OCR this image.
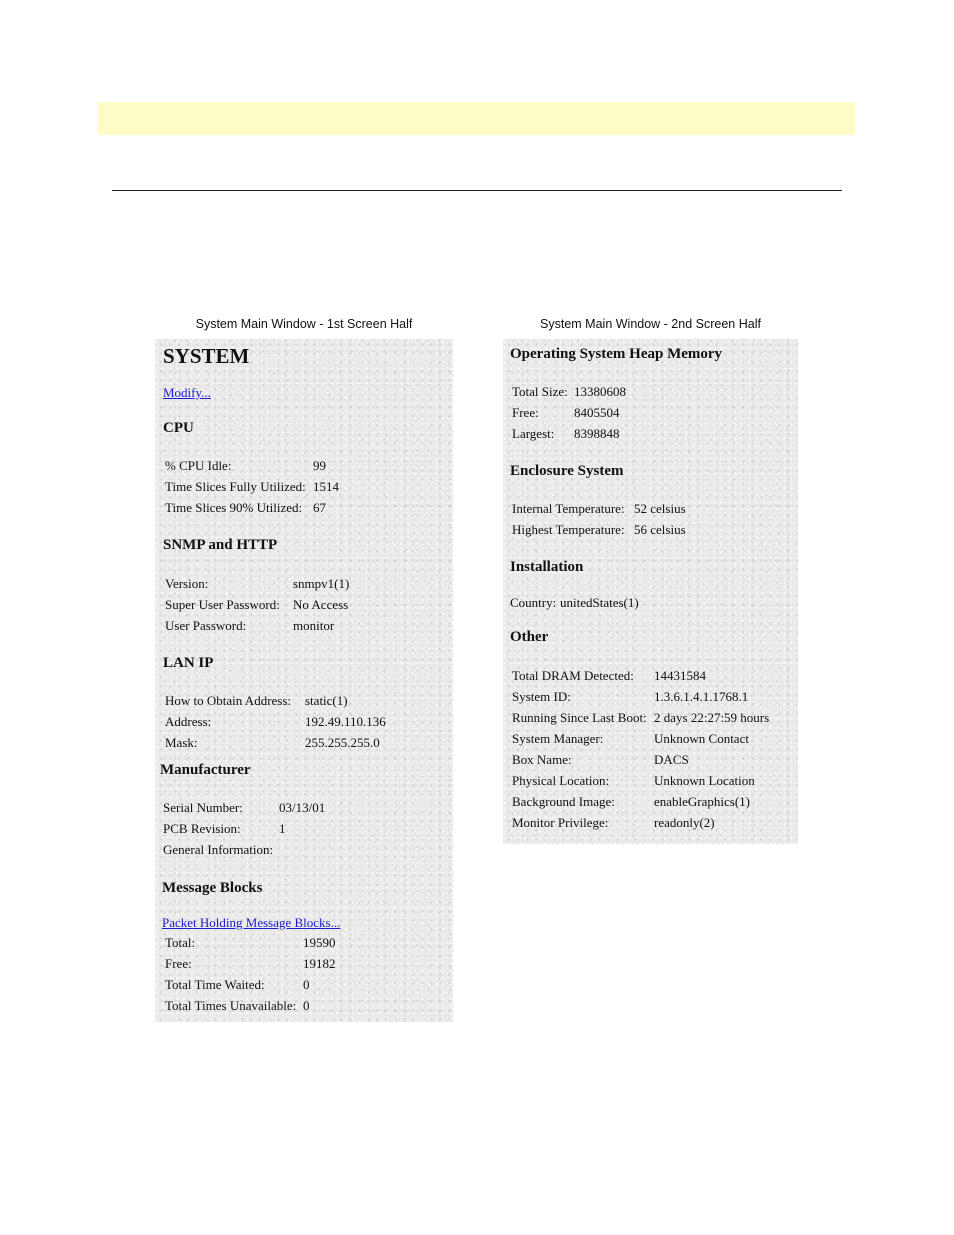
System Main Window - 1st Screen Half	System Main Window - 2nd Screen Half
SYSTEM
Modify...
CPU
% CPU Idle:	99
Time Slices Fully Utilized: 1514
Time Slices 90% Utilized: 67
SNMP and HTTP
Version:	snmpv1(1)
Super User Password: No Access
User Password:	monitor
LAN IP
How to Obtain Address: static(1)
Address:	192.49.110.136
Mask:	255.255.255.0
Manufacturer
Serial Number:	03/13/01
PCB Revision:	1
General Information:
Message Blocks
Packet Holding Message Blocks...
Total:	19590
Free:	19182
Total Time Waited:	0
Total Times Unavailable: 0
Operating System Heap Memory
Total Size: 13380608
Free:	8405504
Largest: 8398848
Enclosure System
Internal Temperature: 52 celsius
Highest Temperature: 56 celsius
Installation
Country: unitedStates(1)
Other
Total DRAM Detected: 14431584
System ID:	1.3.6.1.4.1.1768.1
Running Since Last Boot: 2 days 22:27:59 hours
System Manager:	Unknown Contact
Box Name:	DACS
Physical Location:	Unknown Location
Background Image:	enableGraphics(1)
Monitor Privilege:	readonly(2)
